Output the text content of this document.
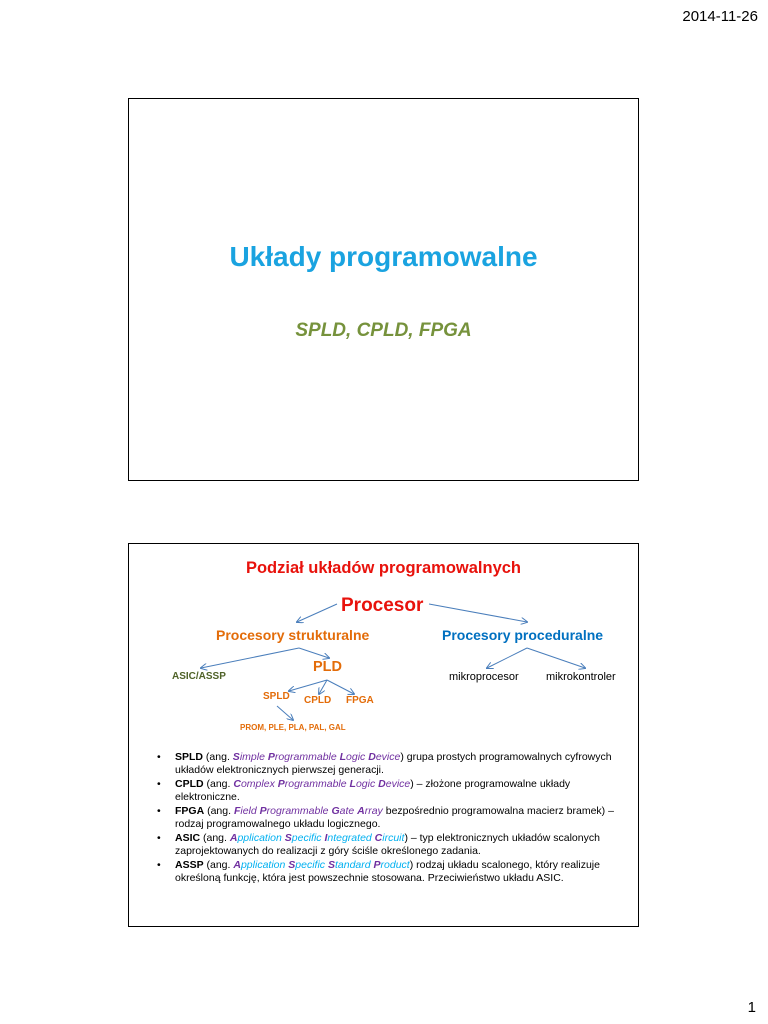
2014-11-26
Układy programowalne
SPLD, CPLD, FPGA
Podział układów programowalnych
Procesor
Procesory strukturalne	Procesory proceduralne
PLD
ASIC/ASSP	mikroprocesor mikrokontroler
SPLD CPLD FPGA
PROM, PLE, PLA, PAL, GAL
• SPLD (ang. Simple Programmable Logic Device) grupa prostych programowalnych cyfrowych układów elektronicznych pierwszej generacji.
• CPLD (ang. Complex Programmable Logic Device) – złożone programowalne układy elektroniczne.
• FPGA (ang. Field Programmable Gate Array bezpośrednio programowalna macierz bramek) – rodzaj programowalnego układu logicznego.
• ASIC (ang. Application Specific Integrated Circuit) – typ elektronicznych układów scalonych zaprojektowanych do realizacji z góry ściśle określonego zadania.
• ASSP (ang. Application Specific Standard Product) rodzaj układu scalonego, który realizuje określoną funkcję, która jest powszechnie stosowana. Przeciwieństwo układu ASIC.
1
